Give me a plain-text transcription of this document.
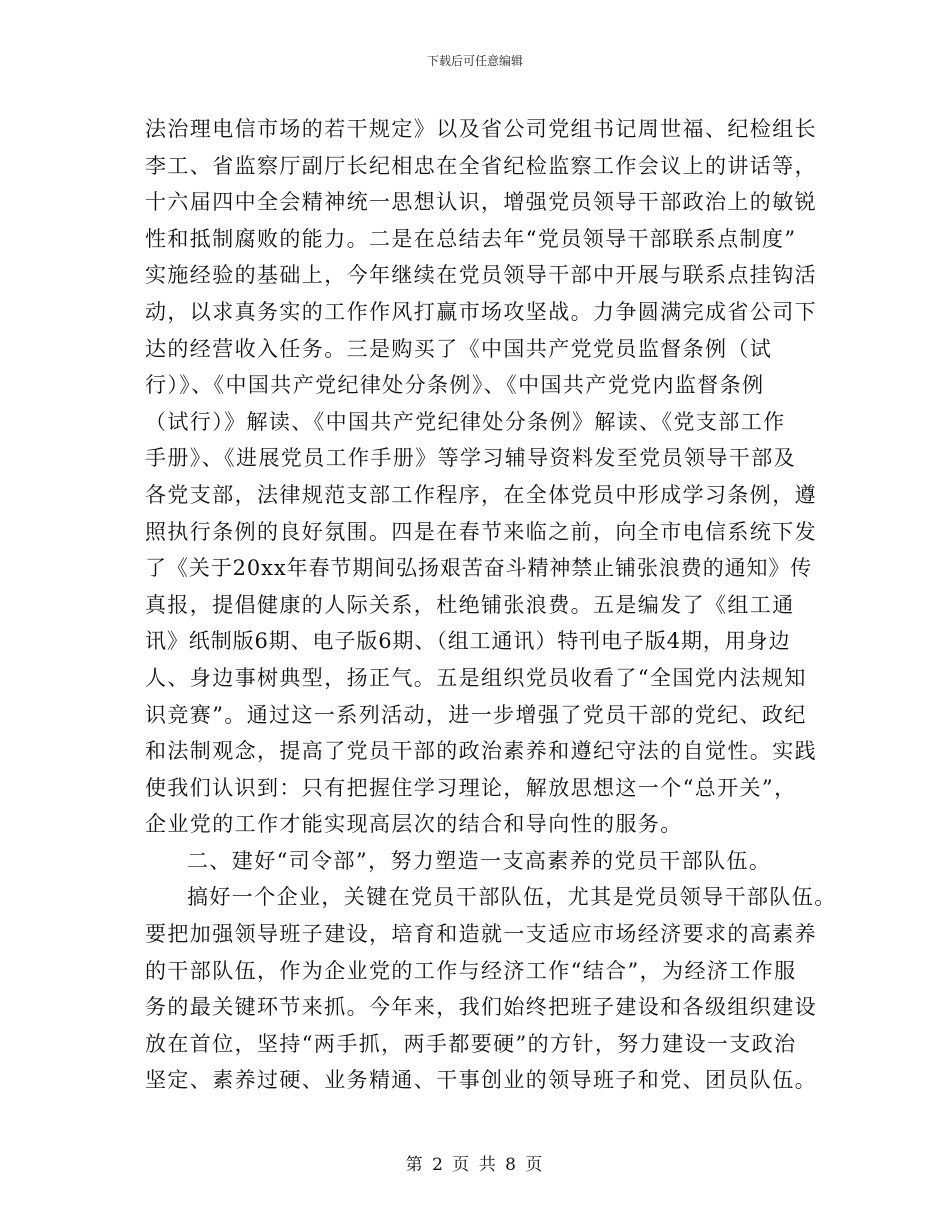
下载后可任意编辑
法治理电信市场的若干规定》以及省公司党组书记周世福、纪检组长
李工、省监察厅副厅长纪相忠在全省纪检监察工作会议上的讲话等，
十六届四中全会精神统一思想认识，增强党员领导干部政治上的敏锐
性和抵制腐败的能力。二是在总结去年“党员领导干部联系点制度”
实施经验的基础上，今年继续在党员领导干部中开展与联系点挂钩活
动，以求真务实的工作作风打赢市场攻坚战。力争圆满完成省公司下
达的经营收入任务。三是购买了《中国共产党党员监督条例（试
行）》、《中国共产党纪律处分条例》、《中国共产党党内监督条例
（试行）》解读、《中国共产党纪律处分条例》解读、《党支部工作
手册》、《进展党员工作手册》等学习辅导资料发至党员领导干部及
各党支部，法律规范支部工作程序，在全体党员中形成学习条例，遵
照执行条例的良好氛围。四是在春节来临之前，向全市电信系统下发
了《关于20xx年春节期间弘扬艰苦奋斗精神禁止铺张浪费的通知》传
真报，提倡健康的人际关系，杜绝铺张浪费。五是编发了《组工通
讯》纸制版6期、电子版6期、（组工通讯）特刊电子版4期，用身边
人、身边事树典型，扬正气。五是组织党员收看了“全国党内法规知
识竞赛”。通过这一系列活动，进一步增强了党员干部的党纪、政纪
和法制观念，提高了党员干部的政治素养和遵纪守法的自觉性。实践
使我们认识到：只有把握住学习理论，解放思想这一个“总开关”，
企业党的工作才能实现高层次的结合和导向性的服务。
二、建好“司令部”，努力塑造一支高素养的党员干部队伍。
搞好一个企业，关键在党员干部队伍，尤其是党员领导干部队伍。
要把加强领导班子建设，培育和造就一支适应市场经济要求的高素养
的干部队伍，作为企业党的工作与经济工作“结合”，为经济工作服
务的最关键环节来抓。今年来，我们始终把班子建设和各级组织建设
放在首位，坚持“两手抓，两手都要硬”的方针，努力建设一支政治
坚定、素养过硬、业务精通、干事创业的领导班子和党、团员队伍。
第 2 页 共 8 页
